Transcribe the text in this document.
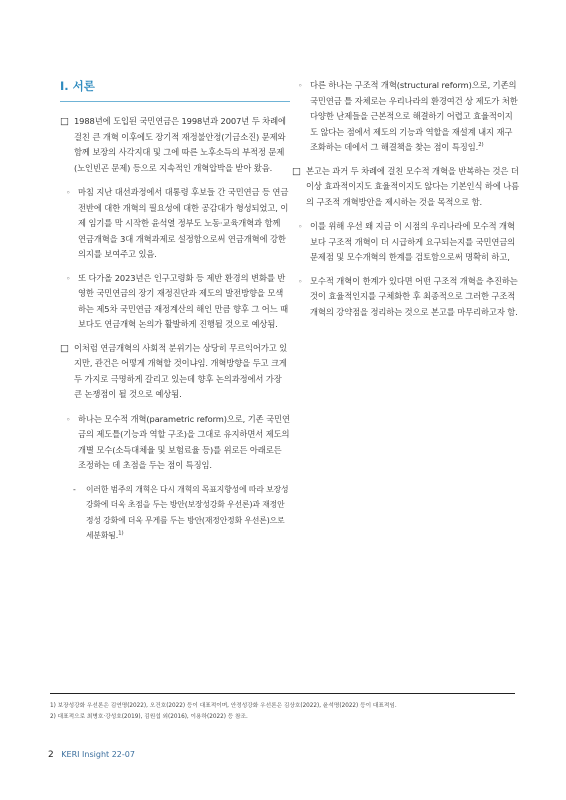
Ⅰ. 서론
□ 1988년에 도입된 국민연금은 1998년과 2007년 두 차례에 걸친 큰 개혁 이후에도 장기적 재정불안정(기금소진) 문제와 함께 보장의 사각지대 및 그에 따른 노후소득의 부적정 문제(노인빈곤 문제) 등으로 지속적인 개혁압박을 받아 왔음.
◦ 마침 지난 대선과정에서 대통령 후보들 간 국민연금 등 연금전반에 대한 개혁의 필요성에 대한 공감대가 형성되었고, 이제 임기를 막 시작한 윤석열 정부도 노동·교육개혁과 함께 연금개혁을 3대 개혁과제로 설정함으로써 연금개혁에 강한 의지를 보여주고 있음.
◦ 또 다가올 2023년은 인구고령화 등 제반 환경의 변화를 반영한 국민연금의 장기 재정진단과 제도의 발전방향을 모색하는 제5차 국민연금 재정계산의 해인 만큼 향후 그 어느 때보다도 연금개혁 논의가 활발하게 진행될 것으로 예상됨.
□ 이처럼 연금개혁의 사회적 분위기는 상당히 무르익어가고 있지만, 관건은 어떻게 개혁할 것이냐임. 개혁방향을 두고 크게 두 가지로 극명하게 갈리고 있는데 향후 논의과정에서 가장 큰 논쟁점이 될 것으로 예상됨.
◦ 하나는 모수적 개혁(parametric reform)으로, 기존 국민연금의 제도틀(기능과 역할 구조)을 그대로 유지하면서 제도의 개별 모수(소득대체율 및 보험료율 등)를 위로든 아래로든 조정하는 데 초점을 두는 점이 특징임.
- 이러한 범주의 개혁은 다시 개혁의 목표지향성에 따라 보장성 강화에 더욱 초점을 두는 방안(보장성강화 우선론)과 재정안정성 강화에 더욱 무게를 두는 방안(재정안정화 우선론)으로 세분화됨.$^{1)}$
◦ 다른 하나는 구조적 개혁(structural reform)으로, 기존의 국민연금 틀 자체로는 우리나라의 환경여건 상 제도가 처한 다양한 난제들을 근본적으로 해결하기 어렵고 효율적이지도 않다는 점에서 제도의 기능과 역할을 재설계 내지 재구조화하는 데에서 그 해결책을 찾는 점이 특징임.$^{2)}$
□ 본고는 과거 두 차례에 걸친 모수적 개혁을 반복하는 것은 더 이상 효과적이지도 효율적이지도 않다는 기본인식 하에 나름의 구조적 개혁방안을 제시하는 것을 목적으로 함.
◦ 이를 위해 우선 왜 지금 이 시점의 우리나라에 모수적 개혁보다 구조적 개혁이 더 시급하게 요구되는지를 국민연금의 문제점 및 모수개혁의 한계를 검토함으로써 명확히 하고,
◦ 모수적 개혁이 한계가 있다면 어떤 구조적 개혁을 추진하는 것이 효율적인지를 구체화한 후 최종적으로 그러한 구조적 개혁의 강약점을 정리하는 것으로 본고를 마무리하고자 함.
1) 보장성강화 우선론은 김연명(2022), 오건호(2022) 등이 대표적이며, 안정성강화 우선론은 김상호(2022), 윤석명(2022) 등이 대표적임.
2) 대표적으로 최병호·강성호(2019), 김원섭 외(2016), 이용하(2022) 등 참조.
2 KERI Insight 22-07
